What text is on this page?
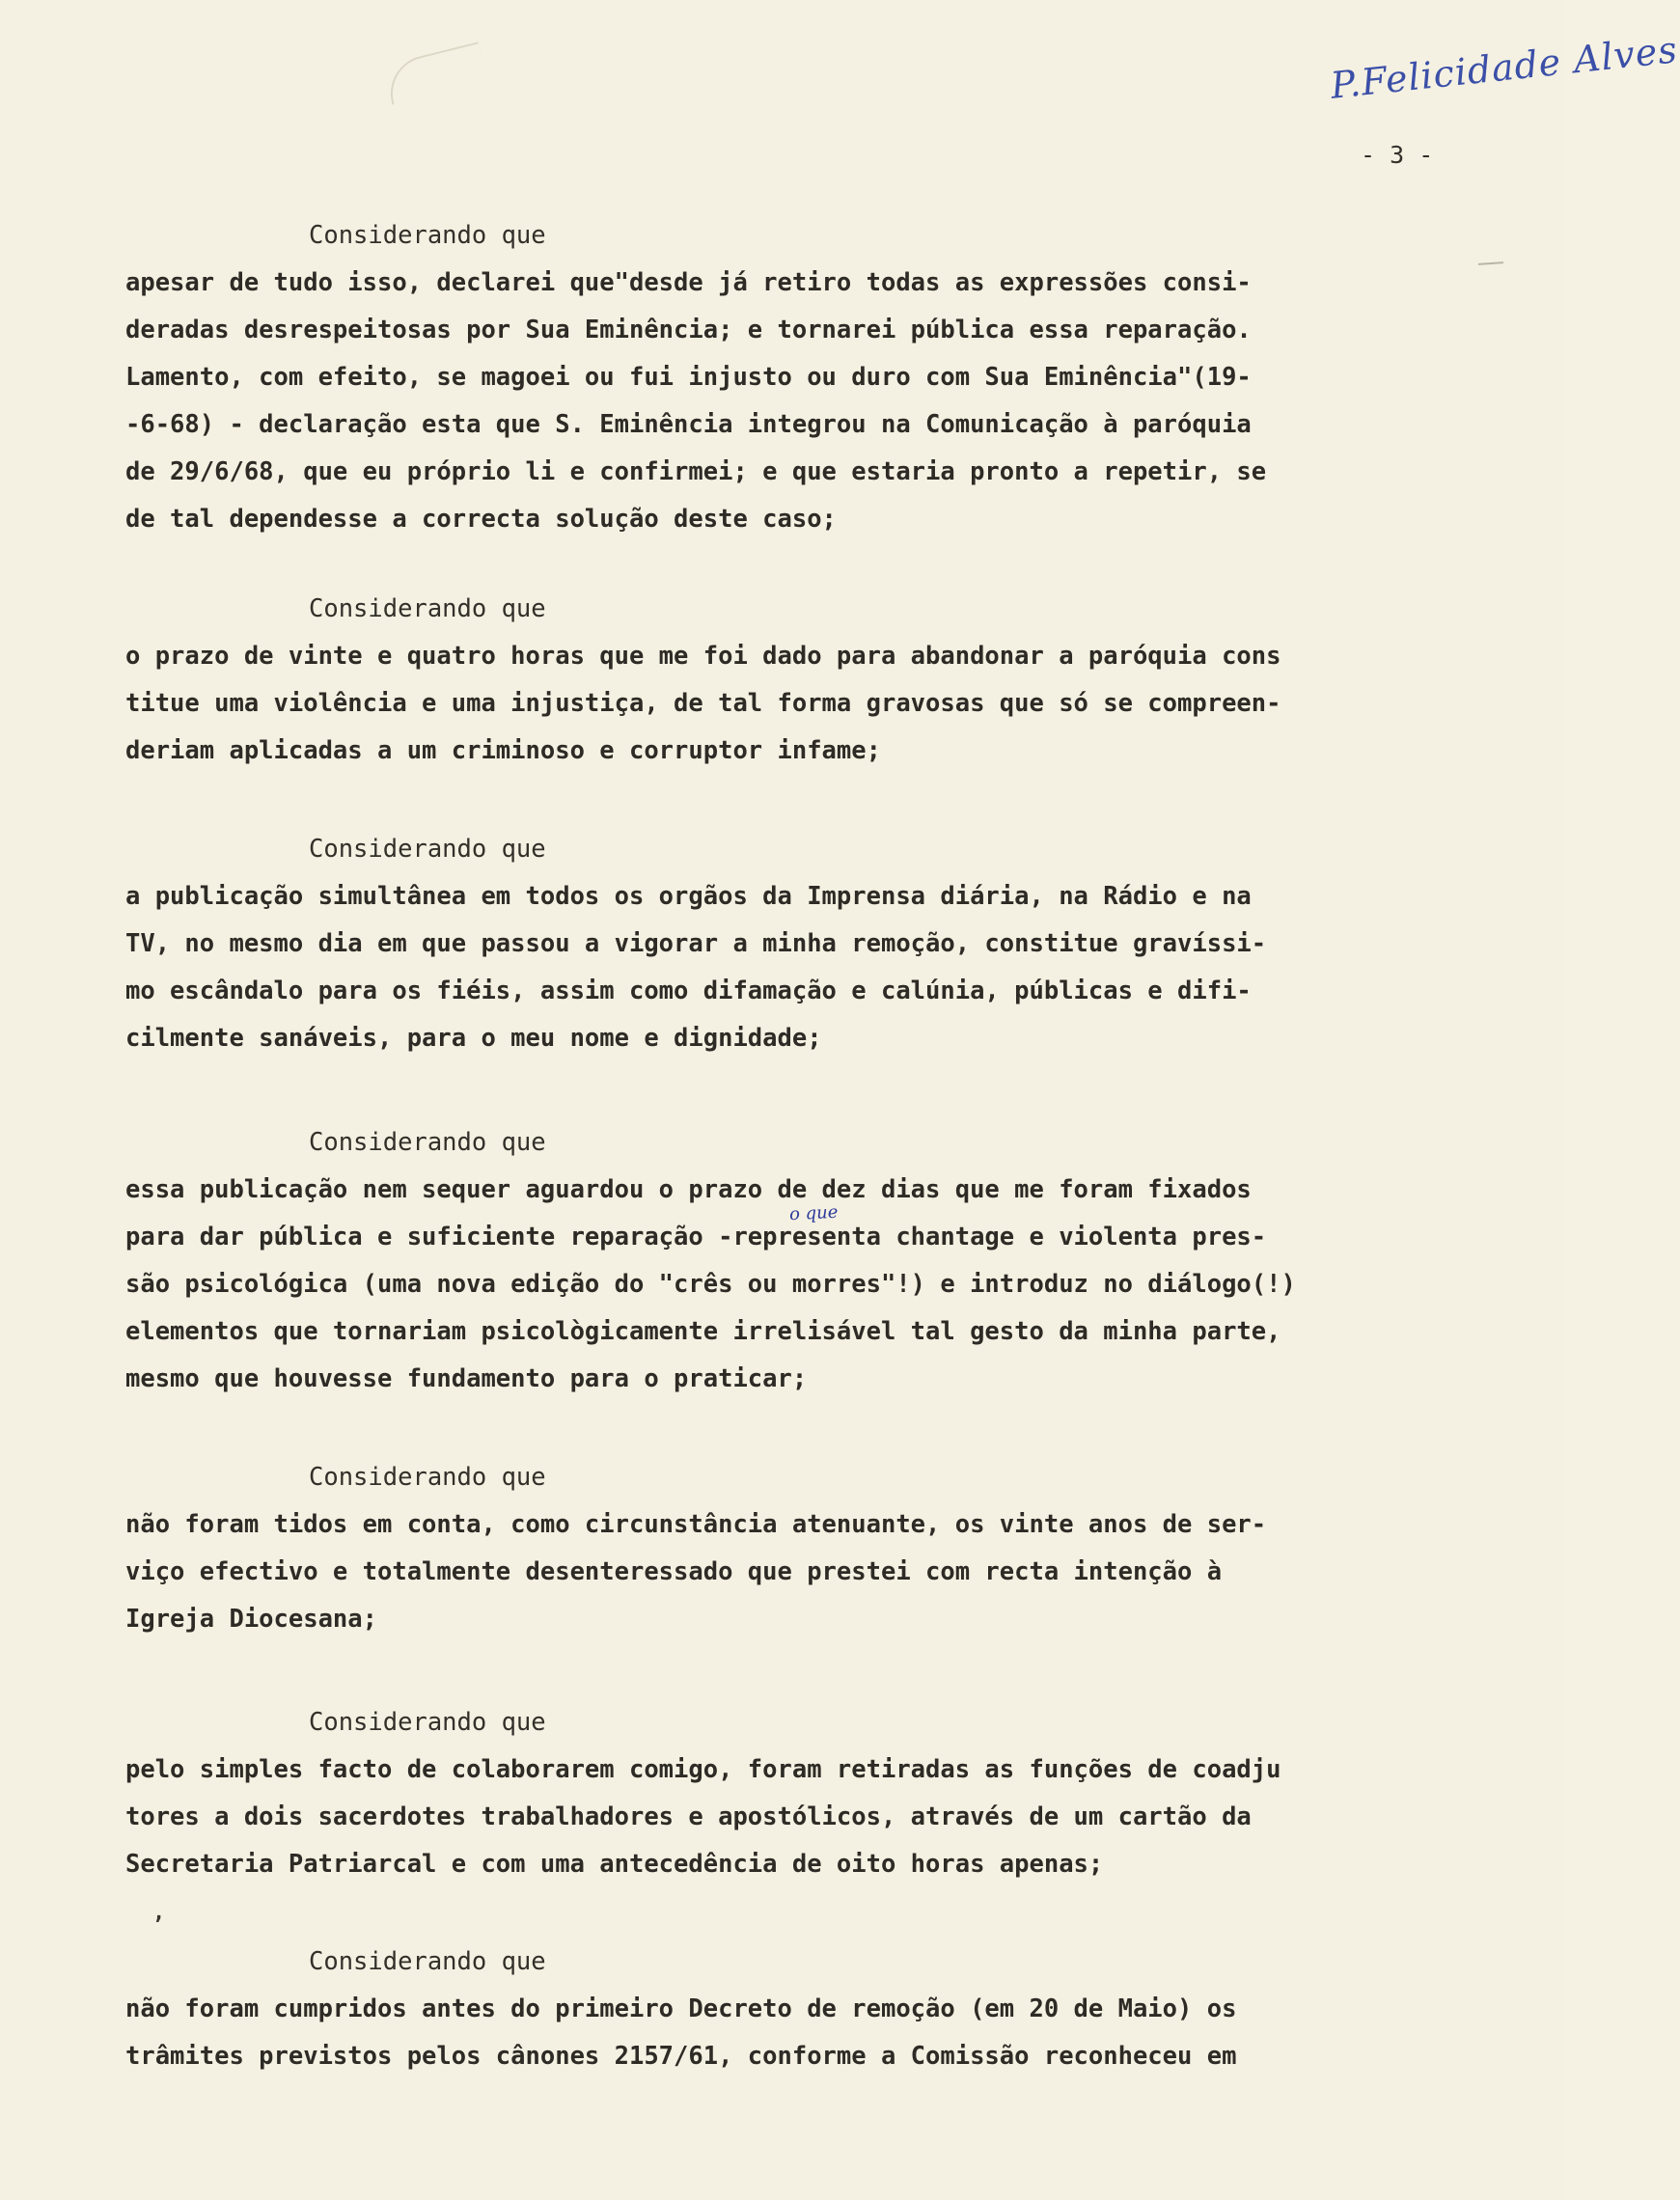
P.Felicidade Alves
- 3 -

Considerando que

apesar de tudo isso, declarei que"desde já retiro todas as expressões consi-

deradas desrespeitosas por Sua Eminência; e tornarei pública essa reparação.

Lamento, com efeito, se magoei ou fui injusto ou duro com Sua Eminência"(19-

-6-68) - declaração esta que S. Eminência integrou na Comunicação à paróquia

de 29/6/68, que eu próprio li e confirmei; e que estaria pronto a repetir, se

de tal dependesse a correcta solução deste caso;

Considerando que

o prazo de vinte e quatro horas que me foi dado para abandonar a paróquia cons

titue uma violência e uma injustiça, de tal forma gravosas que só se compreen-

deriam aplicadas a um criminoso e corruptor infame;

Considerando que

a publicação simultânea em todos os orgãos da Imprensa diária, na Rádio e na

TV, no mesmo dia em que passou a vigorar a minha remoção, constitue gravíssi-

mo escândalo para os fiéis, assim como difamação e calúnia, públicas e difi-

cilmente sanáveis, para o meu nome e dignidade;

Considerando que

essa publicação nem sequer aguardou o prazo de dez dias que me foram fixados

para dar pública e suficiente reparação -representa chantage e violenta pres-

são psicológica (uma nova edição do "crês ou morres"!) e introduz no diálogo(!)

elementos que tornariam psicològicamente irrelisável tal gesto da minha parte,

mesmo que houvesse fundamento para o praticar;

Considerando que

não foram tidos em conta, como circunstância atenuante, os vinte anos de ser-

viço efectivo e totalmente desenteressado que prestei com recta intenção à

Igreja Diocesana;

Considerando que

pelo simples facto de colaborarem comigo, foram retiradas as funções de coadju

tores a dois sacerdotes trabalhadores e apostólicos, através de um cartão da

Secretaria Patriarcal e com uma antecedência de oito horas apenas;

Considerando que

não foram cumpridos antes do primeiro Decreto de remoção (em 20 de Maio) os

trâmites previstos pelos cânones 2157/61, conforme a Comissão reconheceu em

o que
,
